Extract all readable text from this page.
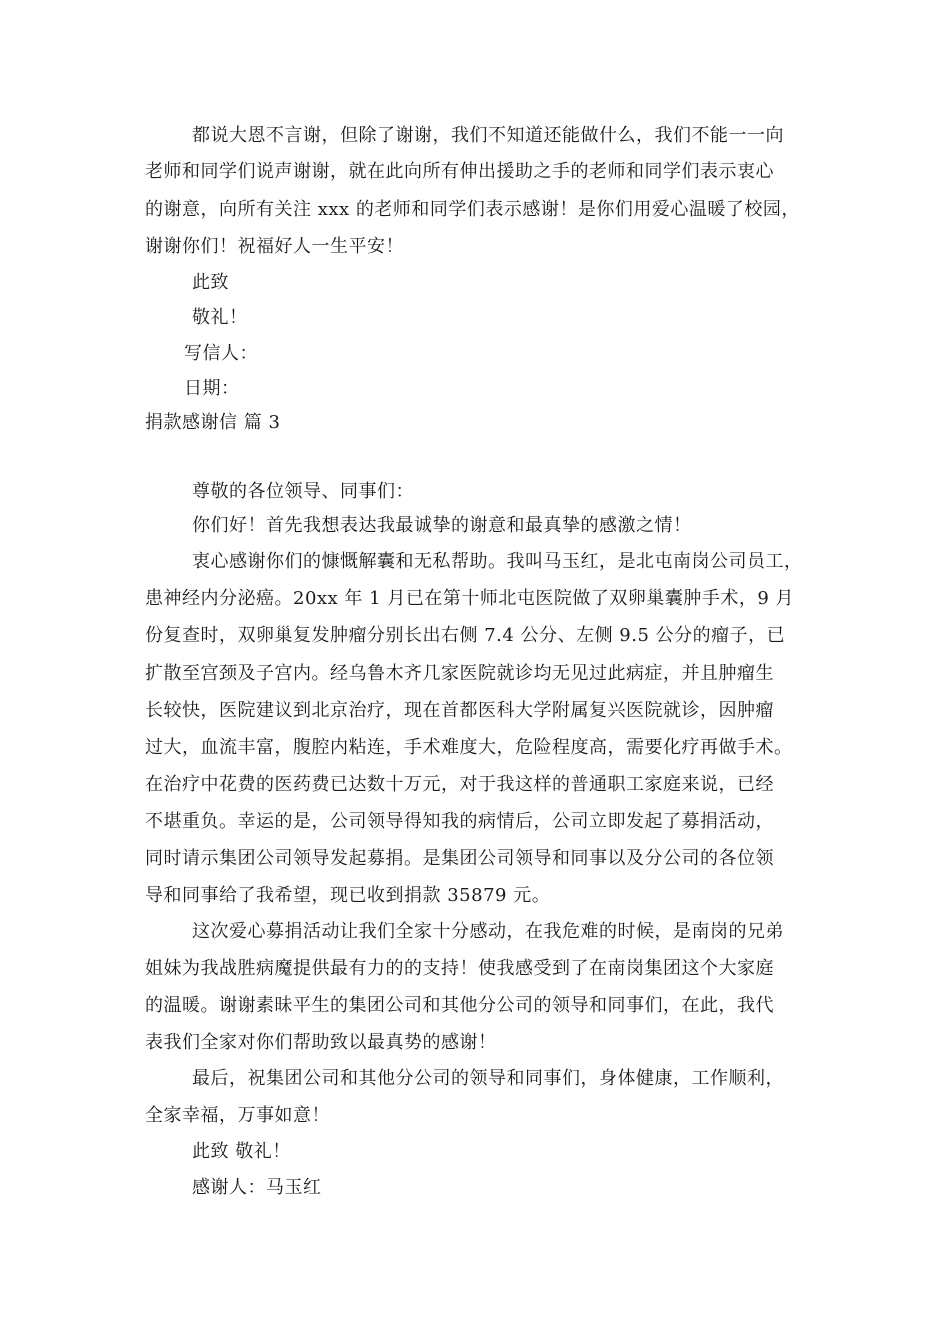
都说大恩不言谢，但除了谢谢，我们不知道还能做什么，我们不能一一向
老师和同学们说声谢谢，就在此向所有伸出援助之手的老师和同学们表示衷心
的谢意，向所有关注 xxx 的老师和同学们表示感谢！是你们用爱心温暖了校园，
谢谢你们！祝福好人一生平安！
此致
敬礼！
写信人：
日期：
捐款感谢信 篇 3
尊敬的各位领导、同事们：
你们好！首先我想表达我最诚挚的谢意和最真挚的感激之情！
衷心感谢你们的慷慨解囊和无私帮助。我叫马玉红，是北屯南岗公司员工，
患神经内分泌癌。20xx 年 1 月已在第十师北屯医院做了双卵巢囊肿手术，9 月
份复查时，双卵巢复发肿瘤分别长出右侧 7.4 公分、左侧 9.5 公分的瘤子，已
扩散至宫颈及子宫内。经乌鲁木齐几家医院就诊均无见过此病症，并且肿瘤生
长较快，医院建议到北京治疗，现在首都医科大学附属复兴医院就诊，因肿瘤
过大，血流丰富，腹腔内粘连，手术难度大，危险程度高，需要化疗再做手术。
在治疗中花费的医药费已达数十万元，对于我这样的普通职工家庭来说，已经
不堪重负。幸运的是，公司领导得知我的病情后，公司立即发起了募捐活动，
同时请示集团公司领导发起募捐。是集团公司领导和同事以及分公司的各位领
导和同事给了我希望，现已收到捐款 35879 元。
这次爱心募捐活动让我们全家十分感动，在我危难的时候，是南岗的兄弟
姐妹为我战胜病魔提供最有力的的支持！使我感受到了在南岗集团这个大家庭
的温暖。谢谢素昧平生的集团公司和其他分公司的领导和同事们，在此，我代
表我们全家对你们帮助致以最真势的感谢！
最后，祝集团公司和其他分公司的领导和同事们，身体健康，工作顺利，
全家幸福，万事如意！
此致 敬礼！
感谢人：马玉红
